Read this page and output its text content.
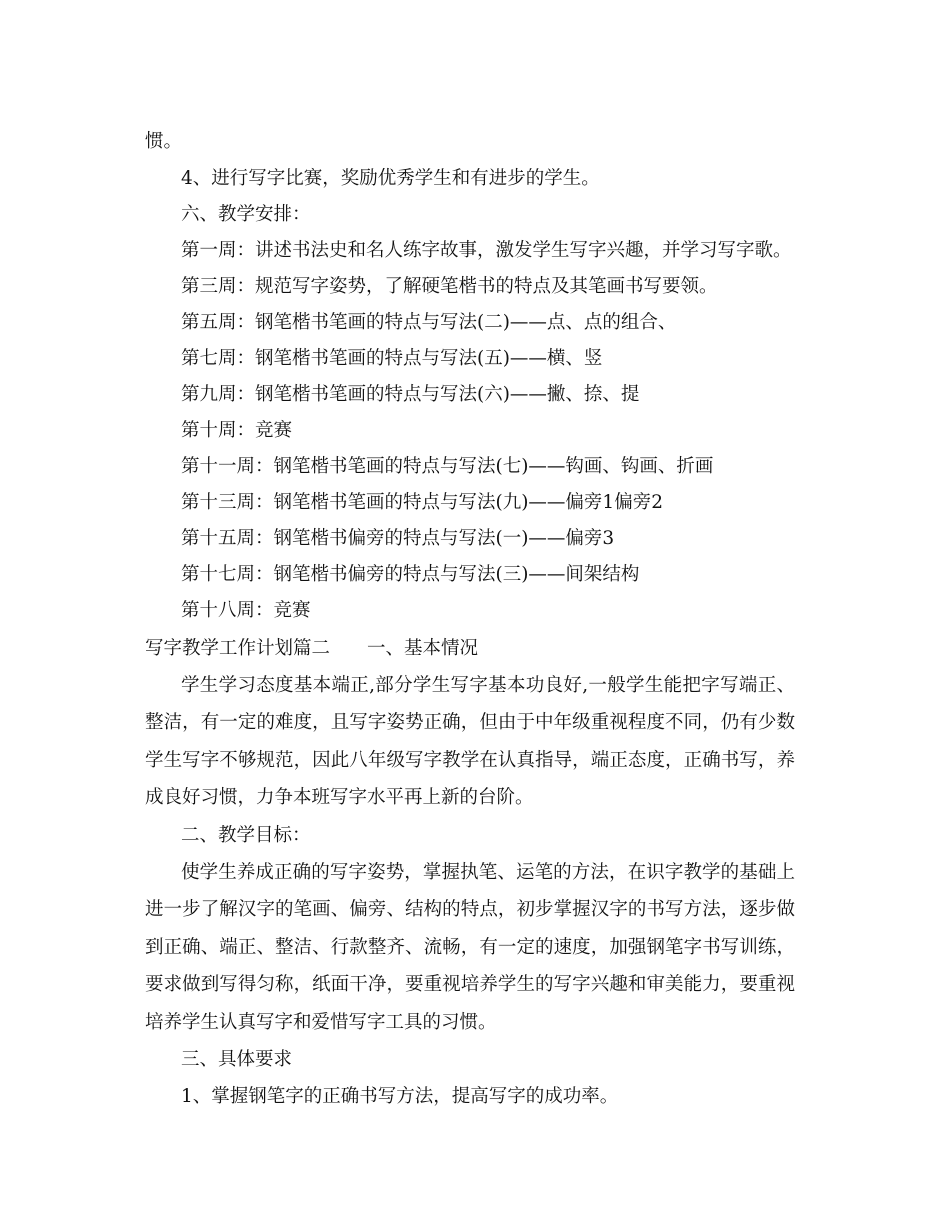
惯。
4、进行写字比赛，奖励优秀学生和有进步的学生。
六、教学安排：
第一周：讲述书法史和名人练字故事，激发学生写字兴趣，并学习写字歌。
第三周：规范写字姿势，了解硬笔楷书的特点及其笔画书写要领。
第五周：钢笔楷书笔画的特点与写法(二)——点、点的组合、
第七周：钢笔楷书笔画的特点与写法(五)——横、竖
第九周：钢笔楷书笔画的特点与写法(六)——撇、捺、提
第十周：竞赛
第十一周：钢笔楷书笔画的特点与写法(七)——钩画、钩画、折画
第十三周：钢笔楷书笔画的特点与写法(九)——偏旁1偏旁2
第十五周：钢笔楷书偏旁的特点与写法(一)——偏旁3
第十七周：钢笔楷书偏旁的特点与写法(三)——间架结构
第十八周：竞赛
写字教学工作计划篇二　　一、基本情况
学生学习态度基本端正,部分学生写字基本功良好,一般学生能把字写端正、
整洁，有一定的难度，且写字姿势正确，但由于中年级重视程度不同，仍有少数
学生写字不够规范，因此八年级写字教学在认真指导，端正态度，正确书写，养
成良好习惯，力争本班写字水平再上新的台阶。
二、教学目标：
使学生养成正确的写字姿势，掌握执笔、运笔的方法，在识字教学的基础上
进一步了解汉字的笔画、偏旁、结构的特点，初步掌握汉字的书写方法，逐步做
到正确、端正、整洁、行款整齐、流畅，有一定的速度，加强钢笔字书写训练，
要求做到写得匀称，纸面干净，要重视培养学生的写字兴趣和审美能力，要重视
培养学生认真写字和爱惜写字工具的习惯。
三、具体要求
1、掌握钢笔字的正确书写方法，提高写字的成功率。
